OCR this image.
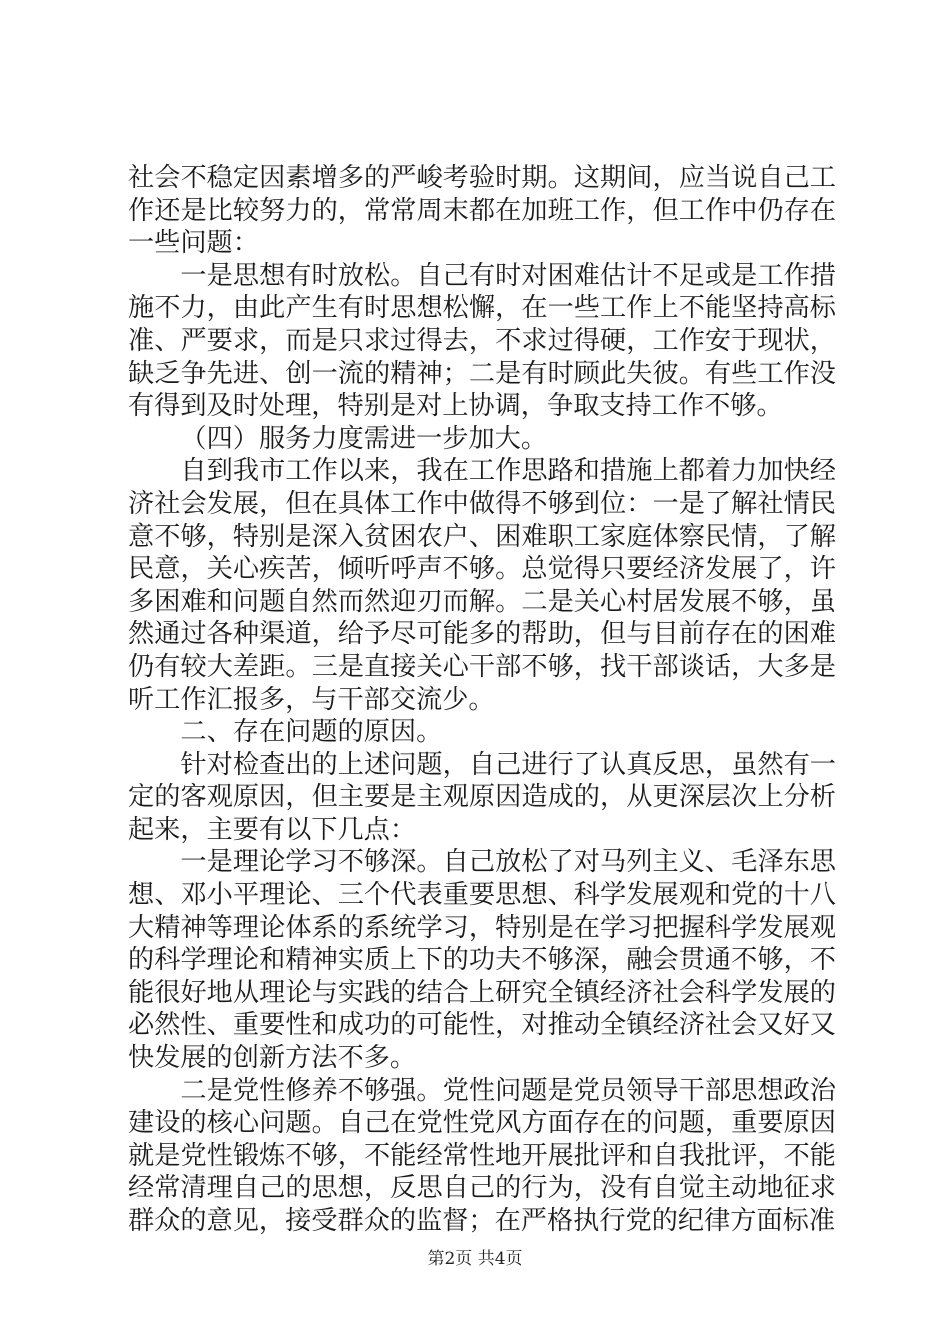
社会不稳定因素增多的严峻考验时期。这期间，应当说自己工作还是比较努力的，常常周末都在加班工作，但工作中仍存在一些问题：

一是思想有时放松。自己有时对困难估计不足或是工作措施不力，由此产生有时思想松懈，在一些工作上不能坚持高标准、严要求，而是只求过得去，不求过得硬，工作安于现状，缺乏争先进、创一流的精神；二是有时顾此失彼。有些工作没有得到及时处理，特别是对上协调，争取支持工作不够。

（四）服务力度需进一步加大。

自到我市工作以来，我在工作思路和措施上都着力加快经济社会发展，但在具体工作中做得不够到位：一是了解社情民意不够，特别是深入贫困农户、困难职工家庭体察民情，了解民意，关心疾苦，倾听呼声不够。总觉得只要经济发展了，许多困难和问题自然而然迎刃而解。二是关心村居发展不够，虽然通过各种渠道，给予尽可能多的帮助，但与目前存在的困难仍有较大差距。三是直接关心干部不够，找干部谈话，大多是听工作汇报多，与干部交流少。

二、存在问题的原因。

针对检查出的上述问题，自己进行了认真反思，虽然有一定的客观原因，但主要是主观原因造成的，从更深层次上分析起来，主要有以下几点：

一是理论学习不够深。自己放松了对马列主义、毛泽东思想、邓小平理论、三个代表重要思想、科学发展观和党的十八大精神等理论体系的系统学习，特别是在学习把握科学发展观的科学理论和精神实质上下的功夫不够深，融会贯通不够，不能很好地从理论与实践的结合上研究全镇经济社会科学发展的必然性、重要性和成功的可能性，对推动全镇经济社会又好又快发展的创新方法不多。

二是党性修养不够强。党性问题是党员领导干部思想政治建设的核心问题。自己在党性党风方面存在的问题，重要原因就是党性锻炼不够，不能经常性地开展批评和自我批评，不能经常清理自己的思想，反思自己的行为，没有自觉主动地征求群众的意见，接受群众的监督；在严格执行党的纪律方面标准

第2页 共4页
